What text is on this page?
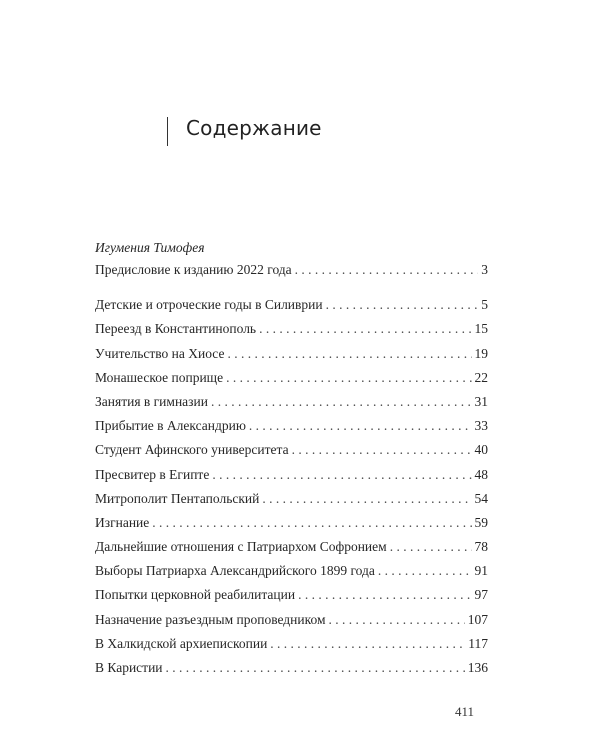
Содержание
Игумения Тимофея
Предисловие к изданию 2022 года . . .	3
Детские и отроческие годы в Силиврии . . .	5
Переезд в Константинополь . . .	15
Учительство на Хиосе . . .	19
Монашеское поприще . . .	22
Занятия в гимназии . . .	31
Прибытие в Александрию . . .	33
Студент Афинского университета . . .	40
Пресвитер в Египте . . .	48
Митрополит Пентапольский . . .	54
Изгнание . . .	59
Дальнейшие отношения с Патриархом Софронием . . .	78
Выборы Патриарха Александрийского 1899 года . . .	91
Попытки церковной реабилитации . . .	97
Назначение разъездным проповедником . . .	107
В Халкидской архиепископии . . .	117
В Каристии . . .	136
411
